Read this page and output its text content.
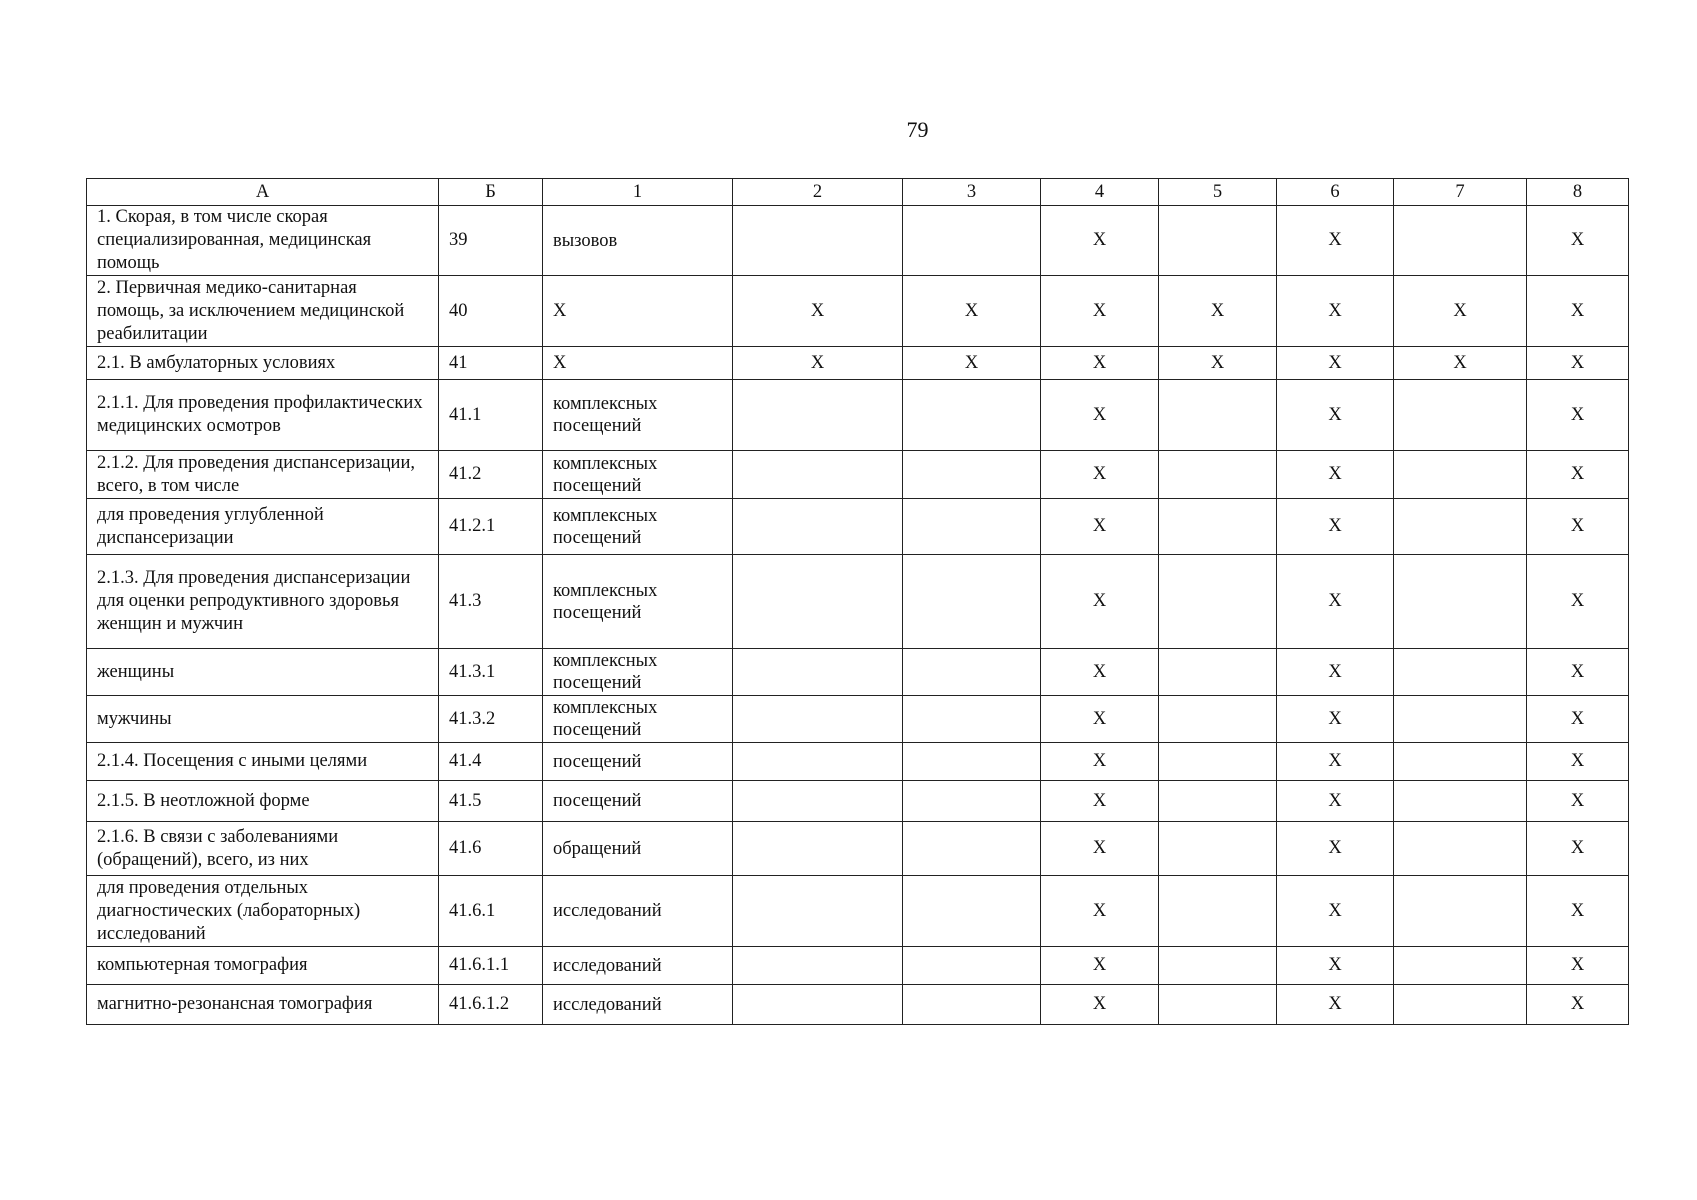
79
А	Б	1	2	3	4	5	6	7	8
1. Скорая, в том числе скорая специализированная, медицинская помощь	39	вызовов			Х		Х		Х
2. Первичная медико-санитарная помощь, за исключением медицинской реабилитации	40	Х	Х	Х	Х	Х	Х	Х	Х
2.1. В амбулаторных условиях	41	Х	Х	Х	Х	Х	Х	Х	Х
2.1.1. Для проведения профилактических медицинских осмотров	41.1	комплексных посещений			Х		Х		Х
2.1.2. Для проведения диспансеризации, всего, в том числе	41.2	комплексных посещений			Х		Х		Х
для проведения углубленной диспансеризации	41.2.1	комплексных посещений			Х		Х		Х
2.1.3. Для проведения диспансеризации для оценки репродуктивного здоровья женщин и мужчин	41.3	комплексных посещений			Х		Х		Х
женщины	41.3.1	комплексных посещений			Х		Х		Х
мужчины	41.3.2	комплексных посещений			Х		Х		Х
2.1.4. Посещения с иными целями	41.4	посещений			Х		Х		Х
2.1.5. В неотложной форме	41.5	посещений			Х		Х		Х
2.1.6. В связи с заболеваниями (обращений), всего, из них	41.6	обращений			Х		Х		Х
для проведения отдельных диагностических (лабораторных) исследований	41.6.1	исследований			Х		Х		Х
компьютерная томография	41.6.1.1	исследований			Х		Х		Х
магнитно-резонансная томография	41.6.1.2	исследований			Х		Х		Х
